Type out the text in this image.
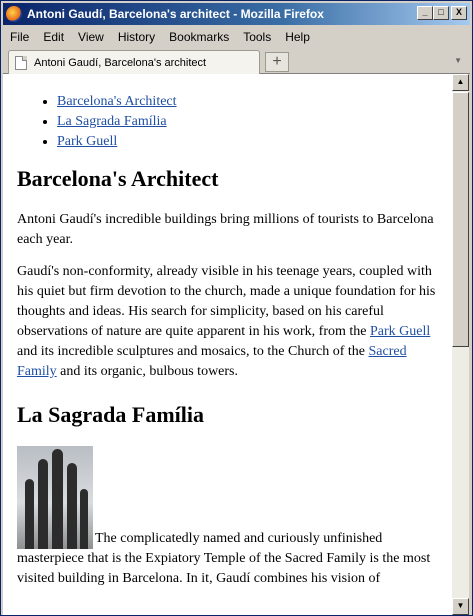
Antoni Gaudí, Barcelona's architect - Mozilla Firefox	_	□	X
File	Edit	View	History	Bookmarks	Tools	Help
Antoni Gaudí, Barcelona's architect	+	▼
• Barcelona's Architect
• La Sagrada Família
• Park Guell
Barcelona's Architect

Antoni Gaudí's incredible buildings bring millions of tourists to Barcelona each year.

Gaudí's non-conformity, already visible in his teenage years, coupled with his quiet but firm devotion to the church, made a unique foundation for his thoughts and ideas. His search for simplicity, based on his careful observations of nature are quite apparent in his work, from the Park Guell and its incredible sculptures and mosaics, to the Church of the Sacred Family and its organic, bulbous towers.

La Sagrada Família

The complicatedly named and curiously unfinished masterpiece that is the Expiatory Temple of the Sacred Family is the most visited building in Barcelona. In it, Gaudí combines his vision of

▲
▼
